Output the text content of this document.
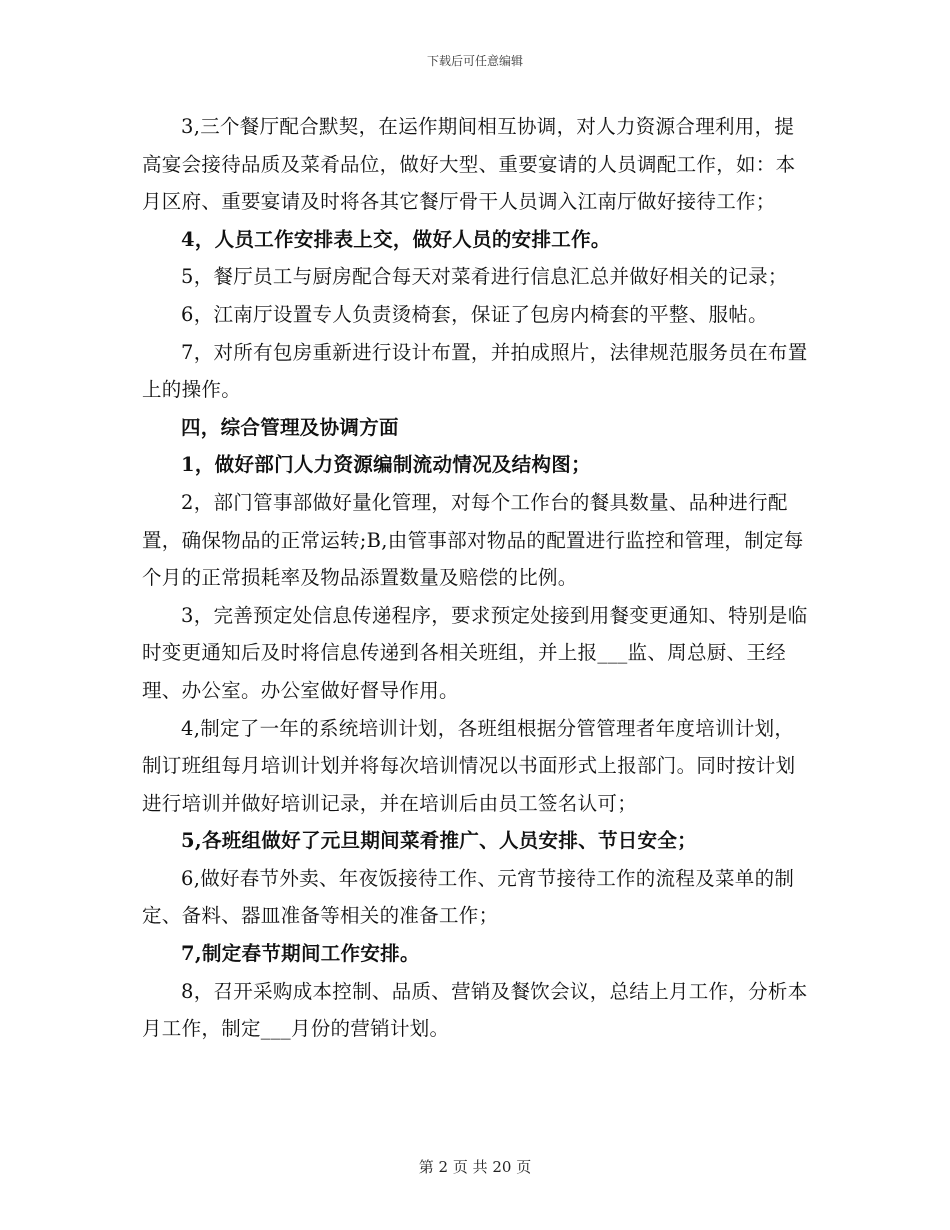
下载后可任意编辑

3,三个餐厅配合默契，在运作期间相互协调，对人力资源合理利用，提高宴会接待品质及菜肴品位，做好大型、重要宴请的人员调配工作，如：本月区府、重要宴请及时将各其它餐厅骨干人员调入江南厅做好接待工作；

4，人员工作安排表上交，做好人员的安排工作。

5，餐厅员工与厨房配合每天对菜肴进行信息汇总并做好相关的记录；

6，江南厅设置专人负责烫椅套，保证了包房内椅套的平整、服帖。

7，对所有包房重新进行设计布置，并拍成照片，法律规范服务员在布置上的操作。

四，综合管理及协调方面

1，做好部门人力资源编制流动情况及结构图；

2，部门管事部做好量化管理，对每个工作台的餐具数量、品种进行配置，确保物品的正常运转;B,由管事部对物品的配置进行监控和管理，制定每个月的正常损耗率及物品添置数量及赔偿的比例。

3，完善预定处信息传递程序，要求预定处接到用餐变更通知、特别是临时变更通知后及时将信息传递到各相关班组，并上报___监、周总厨、王经理、办公室。办公室做好督导作用。

4,制定了一年的系统培训计划，各班组根据分管管理者年度培训计划，制订班组每月培训计划并将每次培训情况以书面形式上报部门。同时按计划进行培训并做好培训记录，并在培训后由员工签名认可；

5,各班组做好了元旦期间菜肴推广、人员安排、节日安全；

6,做好春节外卖、年夜饭接待工作、元宵节接待工作的流程及菜单的制定、备料、器皿准备等相关的准备工作；

7,制定春节期间工作安排。

8，召开采购成本控制、品质、营销及餐饮会议，总结上月工作，分析本月工作，制定___月份的营销计划。

第 2 页 共 20 页
